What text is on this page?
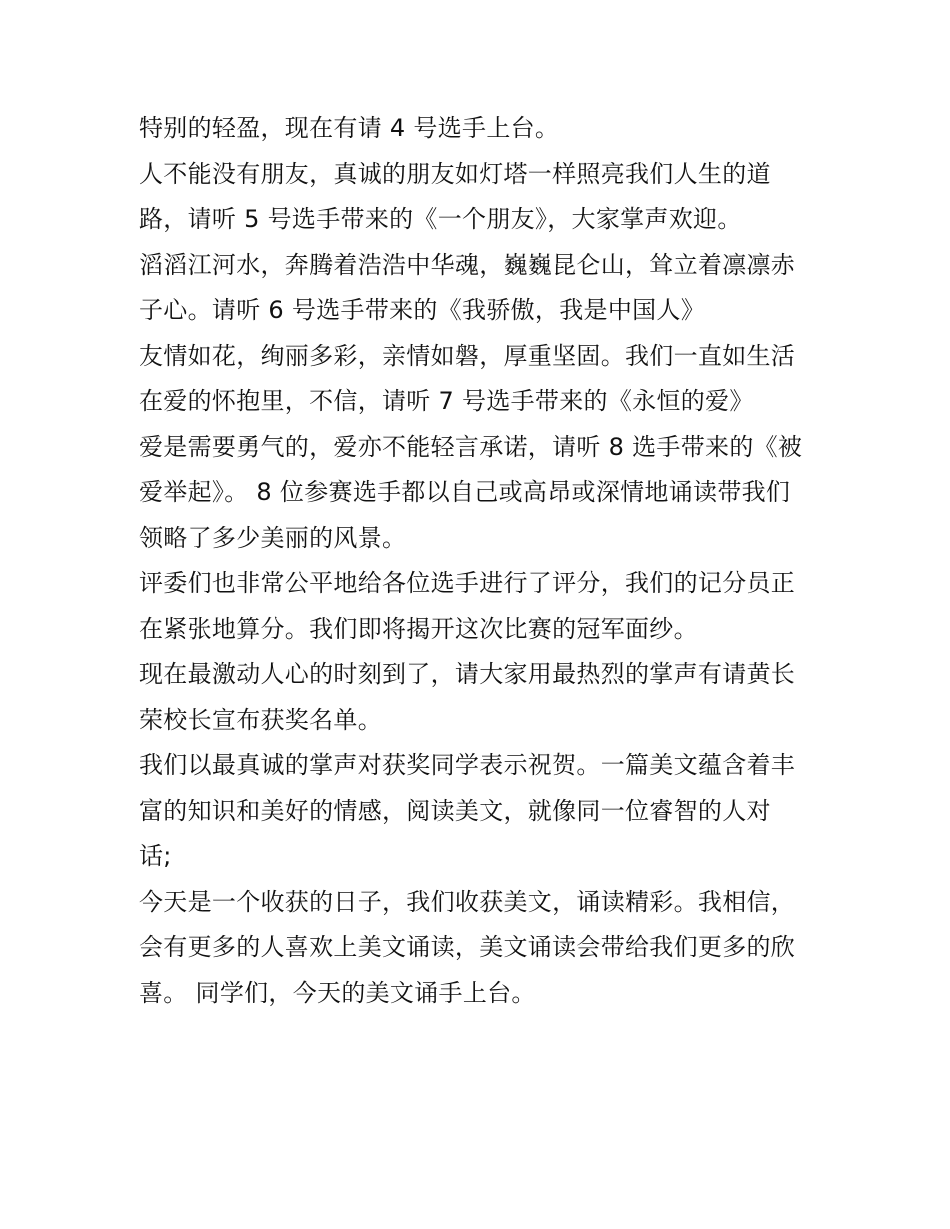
特别的轻盈，现在有请 4 号选手上台。
人不能没有朋友，真诚的朋友如灯塔一样照亮我们人生的道
路，请听 5 号选手带来的《一个朋友》，大家掌声欢迎。
滔滔江河水，奔腾着浩浩中华魂，巍巍昆仑山，耸立着凛凛赤
子心。请听 6 号选手带来的《我骄傲，我是中国人》
友情如花，绚丽多彩，亲情如磐，厚重坚固。我们一直如生活
在爱的怀抱里，不信，请听 7 号选手带来的《永恒的爱》
爱是需要勇气的，爱亦不能轻言承诺，请听 8 选手带来的《被
爱举起》。 8 位参赛选手都以自己或高昂或深情地诵读带我们
领略了多少美丽的风景。
评委们也非常公平地给各位选手进行了评分，我们的记分员正
在紧张地算分。我们即将揭开这次比赛的冠军面纱。
现在最激动人心的时刻到了，请大家用最热烈的掌声有请黄长
荣校长宣布获奖名单。
我们以最真诚的掌声对获奖同学表示祝贺。一篇美文蕴含着丰
富的知识和美好的情感，阅读美文，就像同一位睿智的人对
话;
今天是一个收获的日子，我们收获美文，诵读精彩。我相信，
会有更多的人喜欢上美文诵读，美文诵读会带给我们更多的欣
喜。 同学们，今天的美文诵手上台。
